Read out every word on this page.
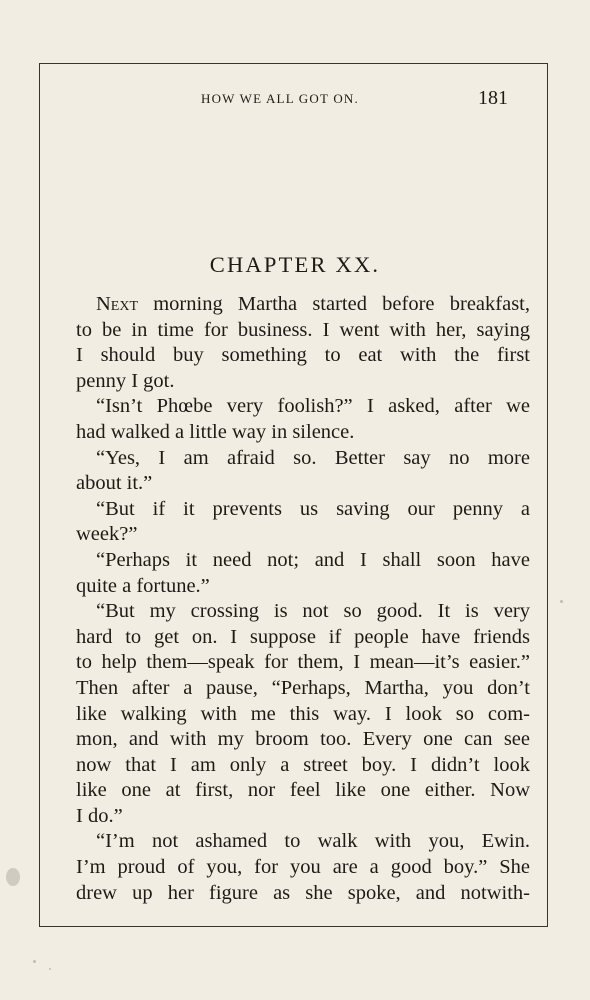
HOW WE ALL GOT ON.	181
CHAPTER XX.
Next morning Martha started before breakfast,
to be in time for business. I went with her, saying
I should buy something to eat with the first
penny I got.
“Isn’t Phœbe very foolish?” I asked, after we
had walked a little way in silence.
“Yes, I am afraid so. Better say no more
about it.”
“But if it prevents us saving our penny a
week?”
“Perhaps it need not; and I shall soon have
quite a fortune.”
“But my crossing is not so good. It is very
hard to get on. I suppose if people have friends
to help them—speak for them, I mean—it’s easier.”
Then after a pause, “Perhaps, Martha, you don’t
like walking with me this way. I look so com-
mon, and with my broom too. Every one can see
now that I am only a street boy. I didn’t look
like one at first, nor feel like one either. Now
I do.”
“I’m not ashamed to walk with you, Ewin.
I’m proud of you, for you are a good boy.” She
drew up her figure as she spoke, and notwith-
